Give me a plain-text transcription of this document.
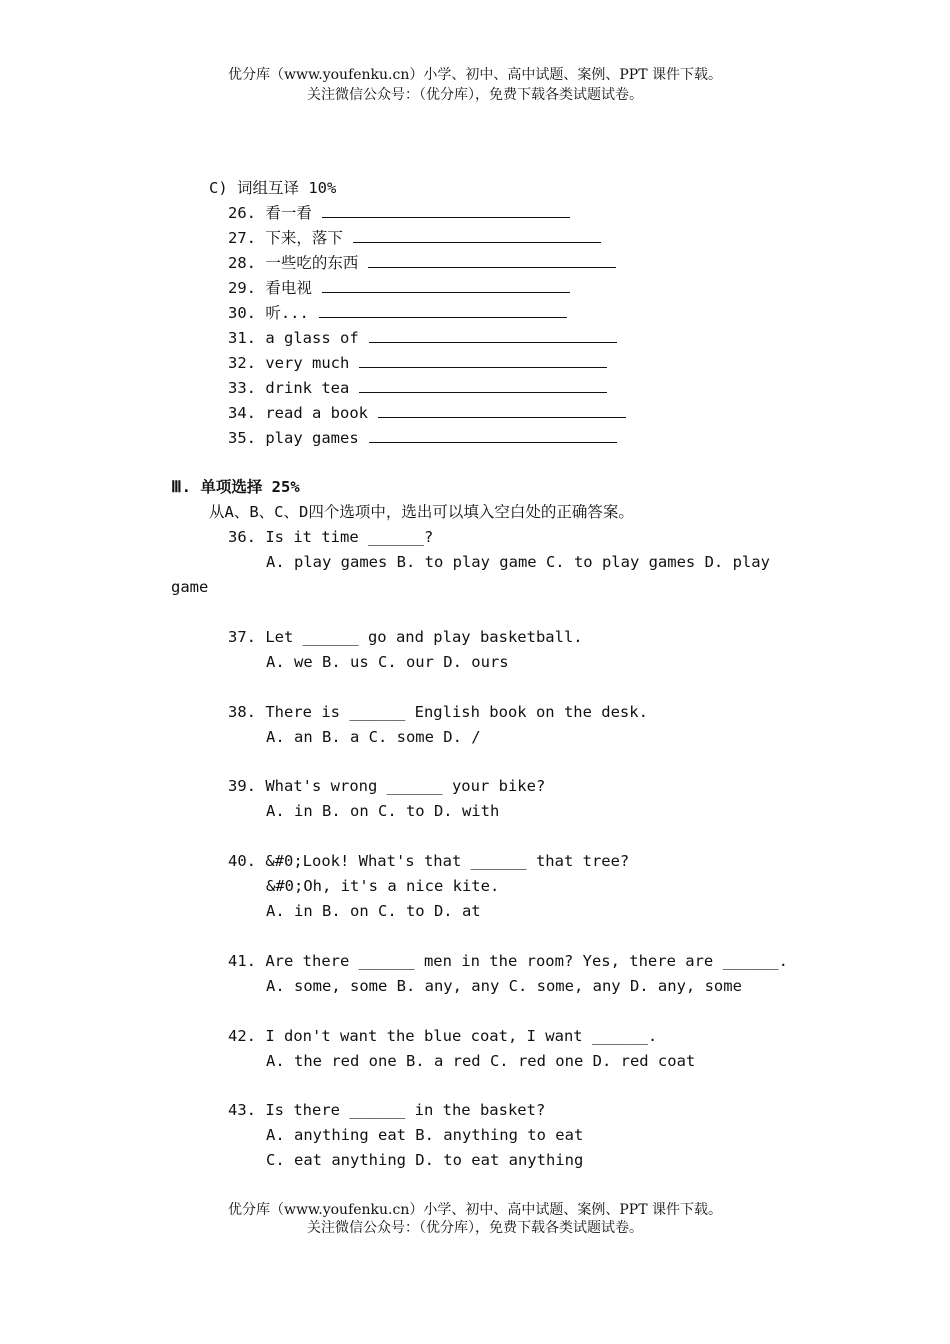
优分库（www.youfenku.cn）小学、初中、高中试题、案例、PPT 课件下载。
关注微信公众号：（优分库），免费下载各类试题试卷。
C) 词组互译 10%
26. 看一看
27. 下来，落下
28. 一些吃的东西
29. 看电视
30. 听...
31. a glass of
32. very much
33. drink tea
34. read a book
35. play games
Ⅲ. 单项选择 25%
从A、B、C、D四个选项中，选出可以填入空白处的正确答案。
36. Is it time ______?
A. play games B. to play game C. to play games D. play
game
37. Let ______ go and play basketball.
A. we B. us C. our D. ours
38. There is ______ English book on the desk.
A. an B. a C. some D. /
39. What's wrong ______ your bike?
A. in B. on C. to D. with
40. &#0;Look! What's that ______ that tree?
&#0;Oh, it's a nice kite.
A. in B. on C. to D. at
41. Are there ______ men in the room? Yes, there are ______.
A. some, some B. any, any C. some, any D. any, some
42. I don't want the blue coat, I want ______.
A. the red one B. a red C. red one D. red coat
43. Is there ______ in the basket?
A. anything eat B. anything to eat
C. eat anything D. to eat anything
优分库（www.youfenku.cn）小学、初中、高中试题、案例、PPT 课件下载。
关注微信公众号：（优分库），免费下载各类试题试卷。
